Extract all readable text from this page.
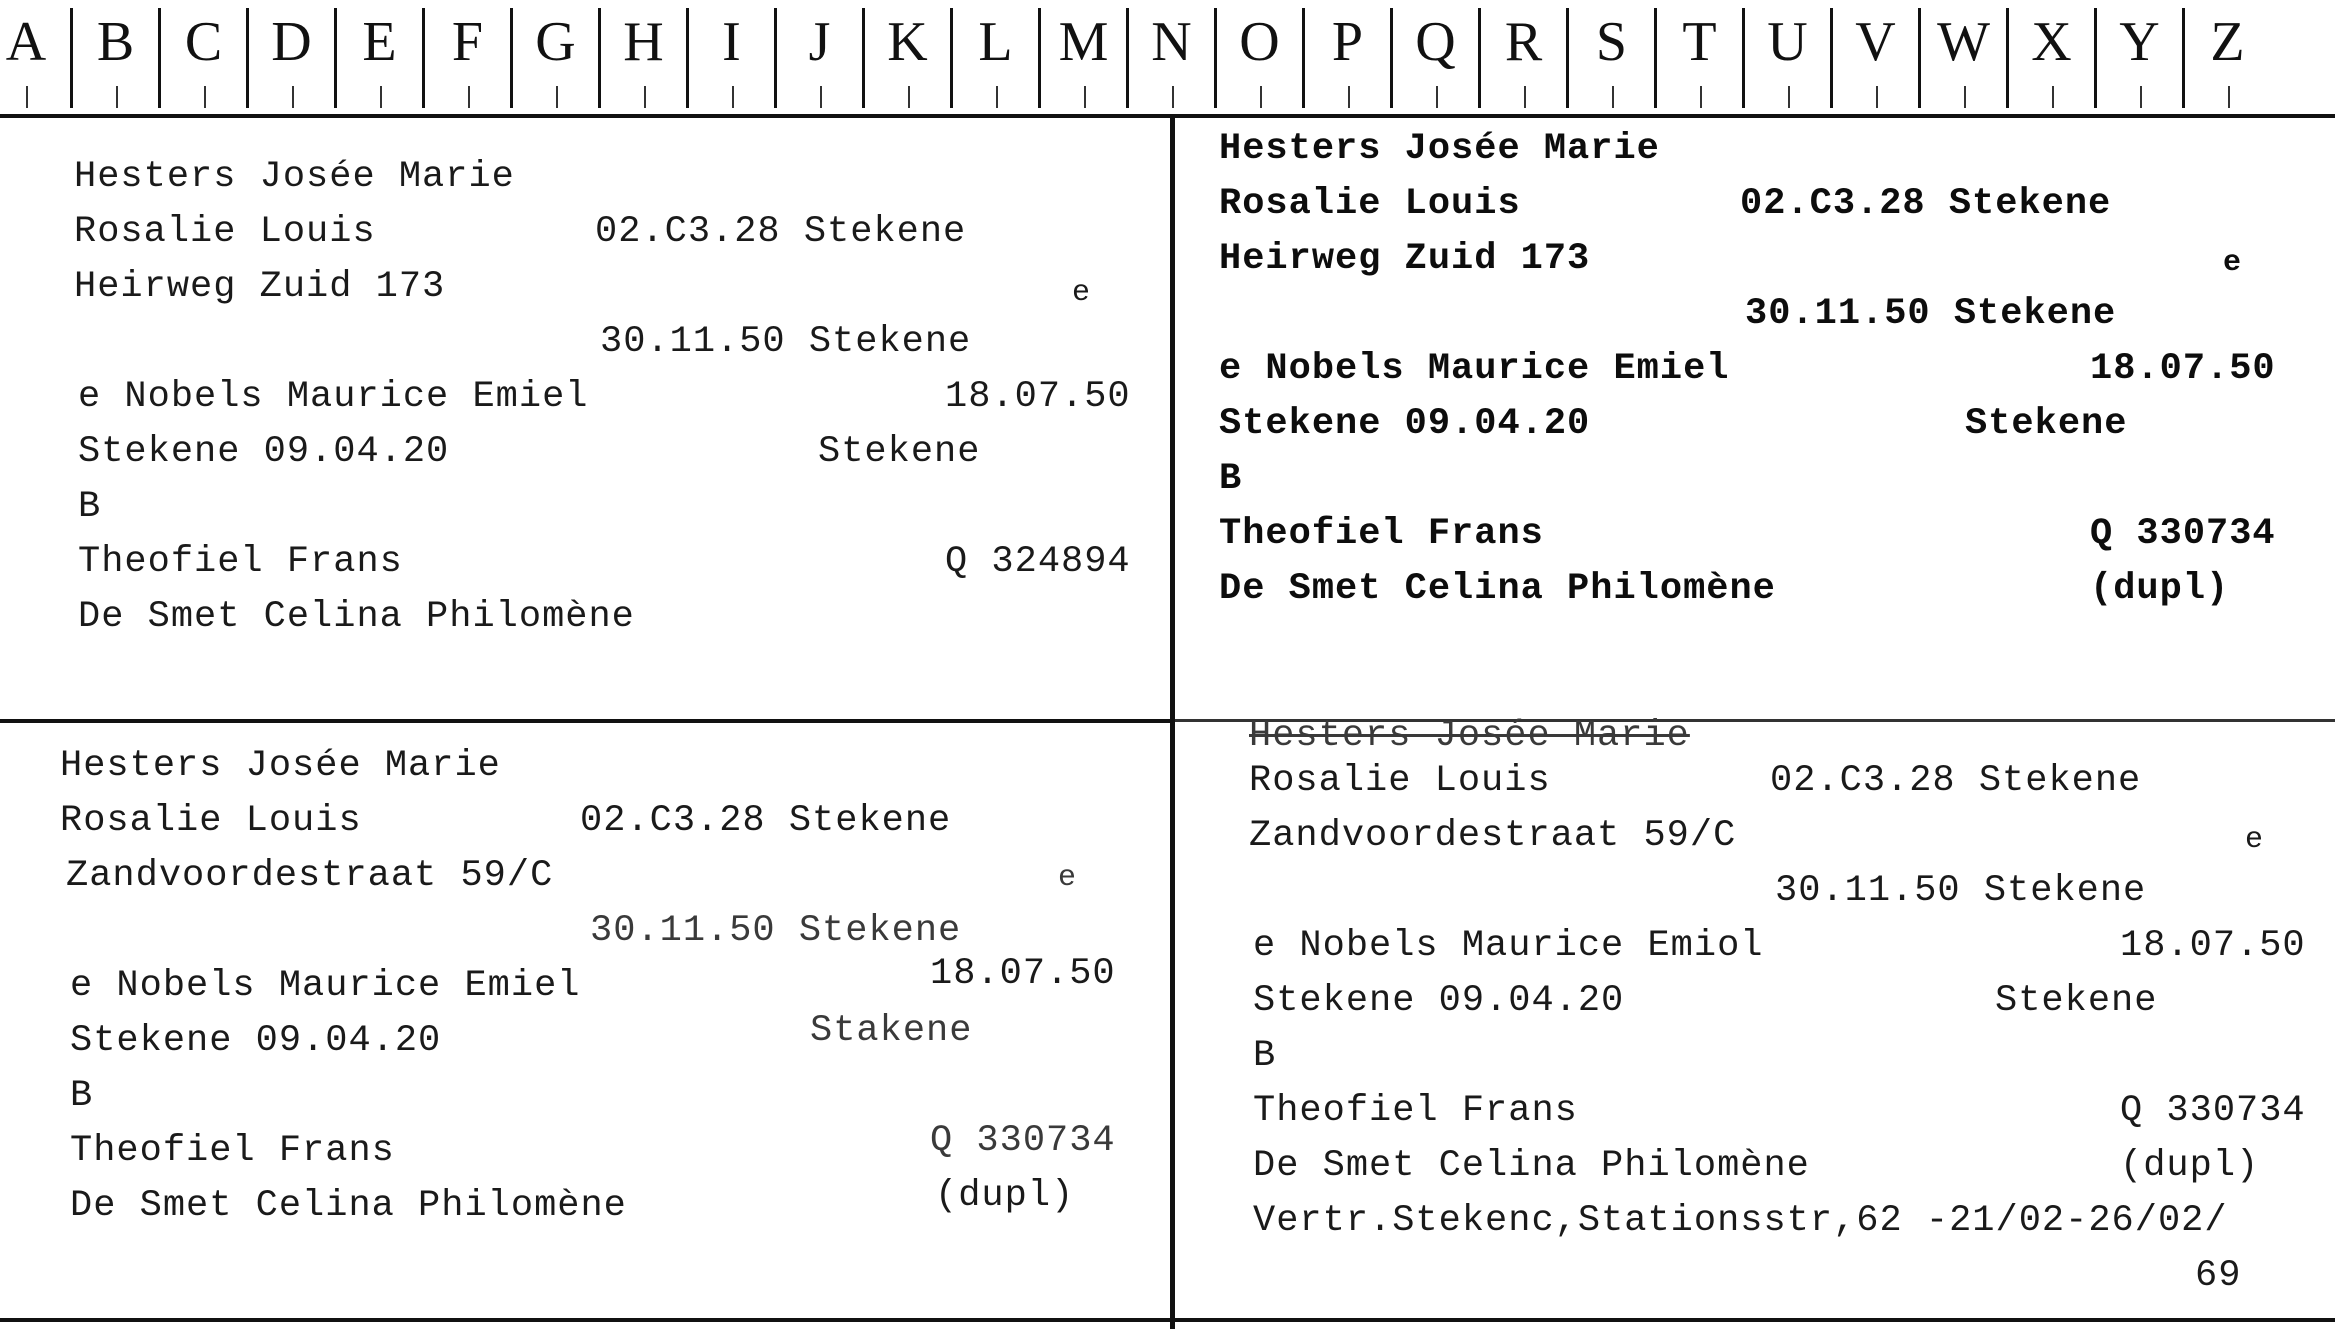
A B C D E F G H	I	J	K L M N O P Q R S T U V W X Y Z
Hesters Josée Marie
Rosalie Louis	02.C3.28 Stekene
Heirweg Zuid 173	e
30.11.50 Stekene
e Nobels Maurice Emiel	18.07.50
Stekene 09.04.20	Stekene
B
Theofiel Frans	Q 324894
De Smet Celina Philomène
Hesters Josée Marie
Rosalie Louis	02.C3.28 Stekene
Heirweg Zuid 173	e
30.11.50 Stekene
e Nobels Maurice Emiel	18.07.50
Stekene 09.04.20	Stekene
B
Theofiel Frans	Q 330734
De Smet Celina Philomène	(dupl)
Hesters Josée Marie
Rosalie Louis	02.C3.28 Stekene
Zandvoordestraat 59/C	e
30.11.50 Stekene
e Nobels Maurice Emiel	18.07.50
Stekene 09.04.20	Stakene
B
Theofiel Frans	Q 330734
De Smet Celina Philomène	(dupl)
Hesters Josée Marie
Rosalie Louis	02.C3.28 Stekene
Zandvoordestraat 59/C	e
30.11.50 Stekene
e Nobels Maurice Emiol	18.07.50
Stekene 09.04.20	Stekene
B
Theofiel Frans	Q 330734
De Smet Celina Philomène	(dupl)
Vertr.Stekenc,Stationsstr,62 -21/02-26/02/
69
